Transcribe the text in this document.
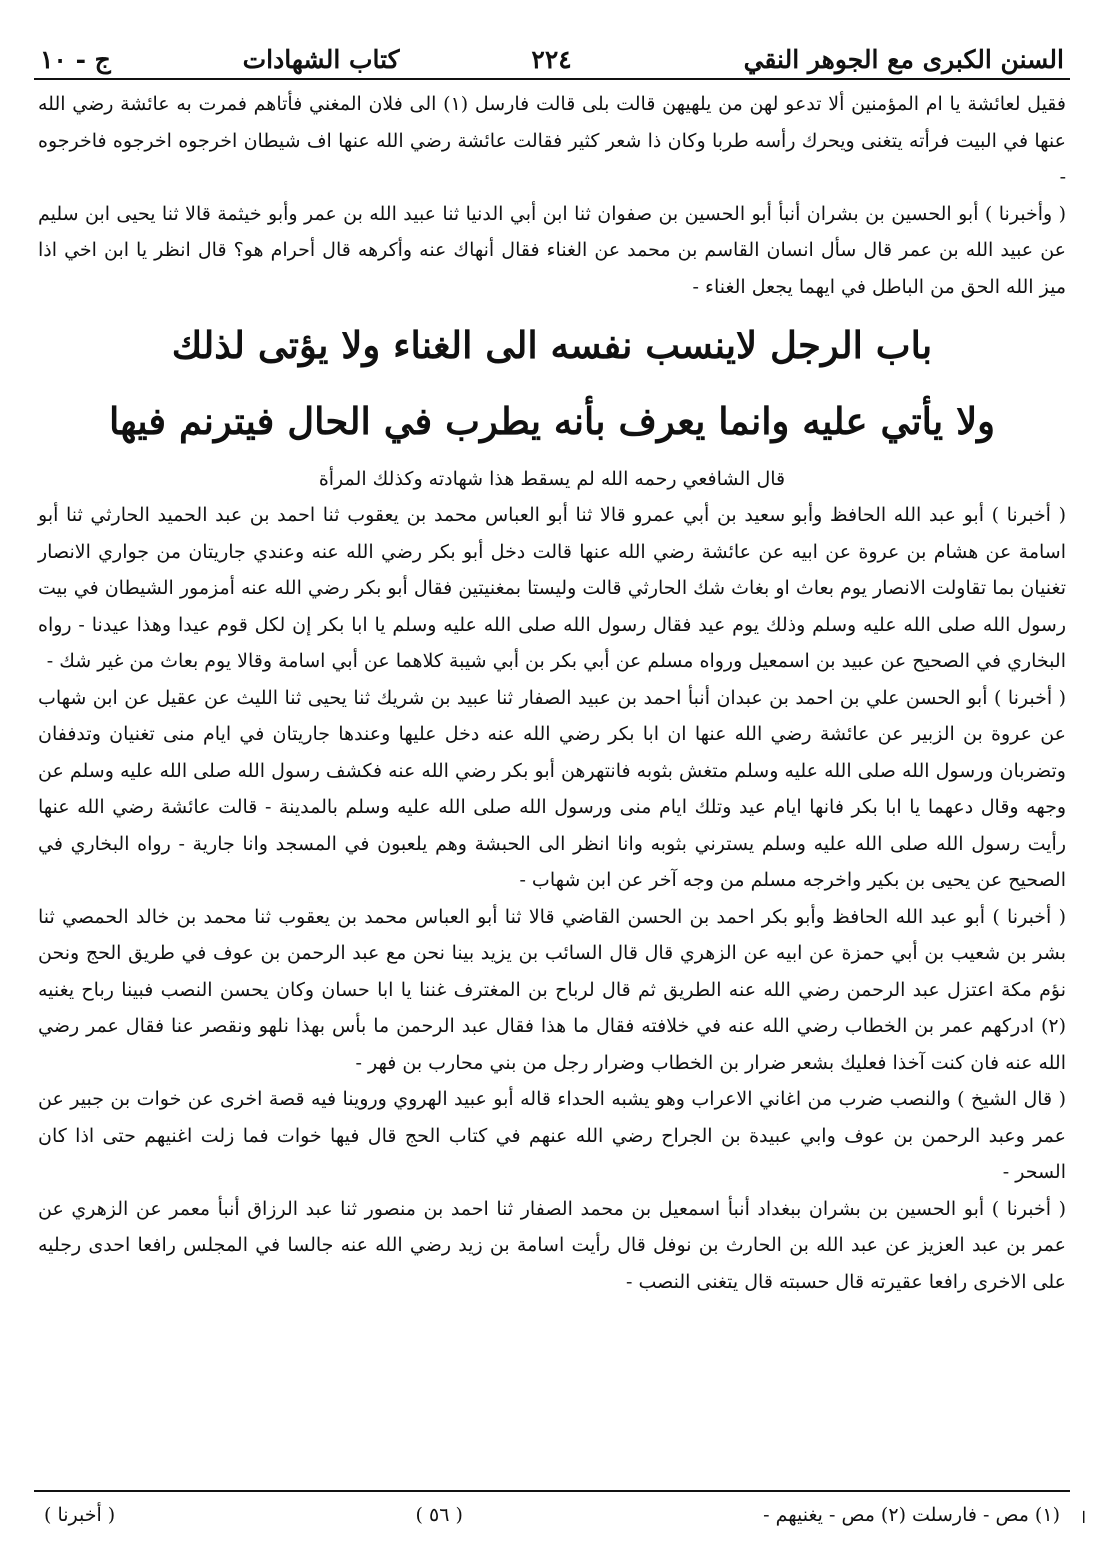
السنن الكبرى مع الجوهر النقي
٢٢٤
كتاب الشهادات
ج - ١٠

فقيل لعائشة يا ام المؤمنين ألا تدعو لهن من يلهيهن قالت بلى قالت فارسل (١) الى فلان المغني فأتاهم فمرت به عائشة رضي الله عنها في البيت فرأته يتغنى ويحرك رأسه طربا وكان ذا شعر كثير فقالت عائشة رضي الله عنها اف شيطان اخرجوه اخرجوه فاخرجوه -

( وأخبرنا ) أبو الحسين بن بشران أنبأ أبو الحسين بن صفوان ثنا ابن أبي الدنيا ثنا عبيد الله بن عمر وأبو خيثمة قالا ثنا يحيى ابن سليم عن عبيد الله بن عمر قال سأل انسان القاسم بن محمد عن الغناء فقال أنهاك عنه وأكرهه قال أحرام هو؟ قال انظر يا ابن اخي اذا ميز الله الحق من الباطل في ايهما يجعل الغناء -

باب الرجل لاينسب نفسه الى الغناء ولا يؤتى لذلك
ولا يأتي عليه وانما يعرف بأنه يطرب في الحال فيترنم فيها
قال الشافعي رحمه الله لم يسقط هذا شهادته وكذلك المرأة

( أخبرنا ) أبو عبد الله الحافظ وأبو سعيد بن أبي عمرو قالا ثنا أبو العباس محمد بن يعقوب ثنا احمد بن عبد الحميد الحارثي ثنا أبو اسامة عن هشام بن عروة عن ابيه عن عائشة رضي الله عنها قالت دخل أبو بكر رضي الله عنه وعندي جاريتان من جواري الانصار تغنيان بما تقاولت الانصار يوم بعاث او بغاث شك الحارثي قالت وليستا بمغنيتين فقال أبو بكر رضي الله عنه أمزمور الشيطان في بيت رسول الله صلى الله عليه وسلم وذلك يوم عيد فقال رسول الله صلى الله عليه وسلم يا ابا بكر إن لكل قوم عيدا وهذا عيدنا - رواه البخاري في الصحيح عن عبيد بن اسمعيل ورواه مسلم عن أبي بكر بن أبي شيبة كلاهما عن أبي اسامة وقالا يوم بعاث من غير شك -

( أخبرنا ) أبو الحسن علي بن احمد بن عبدان أنبأ احمد بن عبيد الصفار ثنا عبيد بن شريك ثنا يحيى ثنا الليث عن عقيل عن ابن شهاب عن عروة بن الزبير عن عائشة رضي الله عنها ان ابا بكر رضي الله عنه دخل عليها وعندها جاريتان في ايام منى تغنيان وتدففان وتضربان ورسول الله صلى الله عليه وسلم متغش بثوبه فانتهرهن أبو بكر رضي الله عنه فكشف رسول الله صلى الله عليه وسلم عن وجهه وقال دعهما يا ابا بكر فانها ايام عيد وتلك ايام منى ورسول الله صلى الله عليه وسلم بالمدينة - قالت عائشة رضي الله عنها رأيت رسول الله صلى الله عليه وسلم يسترني بثوبه وانا انظر الى الحبشة وهم يلعبون في المسجد وانا جارية - رواه البخاري في الصحيح عن يحيى بن بكير واخرجه مسلم من وجه آخر عن ابن شهاب -

( أخبرنا ) أبو عبد الله الحافظ وأبو بكر احمد بن الحسن القاضي قالا ثنا أبو العباس محمد بن يعقوب ثنا محمد بن خالد الحمصي ثنا بشر بن شعيب بن أبي حمزة عن ابيه عن الزهري قال قال السائب بن يزيد بينا نحن مع عبد الرحمن بن عوف في طريق الحج ونحن نؤم مكة اعتزل عبد الرحمن رضي الله عنه الطريق ثم قال لرباح بن المغترف غننا يا ابا حسان وكان يحسن النصب فبينا رباح يغنيه (٢) ادركهم عمر بن الخطاب رضي الله عنه في خلافته فقال ما هذا فقال عبد الرحمن ما بأس بهذا نلهو ونقصر عنا فقال عمر رضي الله عنه فان كنت آخذا فعليك بشعر ضرار بن الخطاب وضرار رجل من بني محارب بن فهر -

( قال الشيخ ) والنصب ضرب من اغاني الاعراب وهو يشبه الحداء قاله أبو عبيد الهروي وروينا فيه قصة اخرى عن خوات بن جبير عن عمر وعبد الرحمن بن عوف وابي عبيدة بن الجراح رضي الله عنهم في كتاب الحج قال فيها خوات فما زلت اغنيهم حتى اذا كان السحر -

( أخبرنا ) أبو الحسين بن بشران ببغداد أنبأ اسمعيل بن محمد الصفار ثنا احمد بن منصور ثنا عبد الرزاق أنبأ معمر عن الزهري عن عمر بن عبد العزيز عن عبد الله بن الحارث بن نوفل قال رأيت اسامة بن زيد رضي الله عنه جالسا في المجلس رافعا احدى رجليه على الاخرى رافعا عقيرته قال حسبته قال يتغنى النصب -

ا
(١) مص - فارسلت (٢) مص - يغنيهم -
( ٥٦ )
( أخبرنا )
